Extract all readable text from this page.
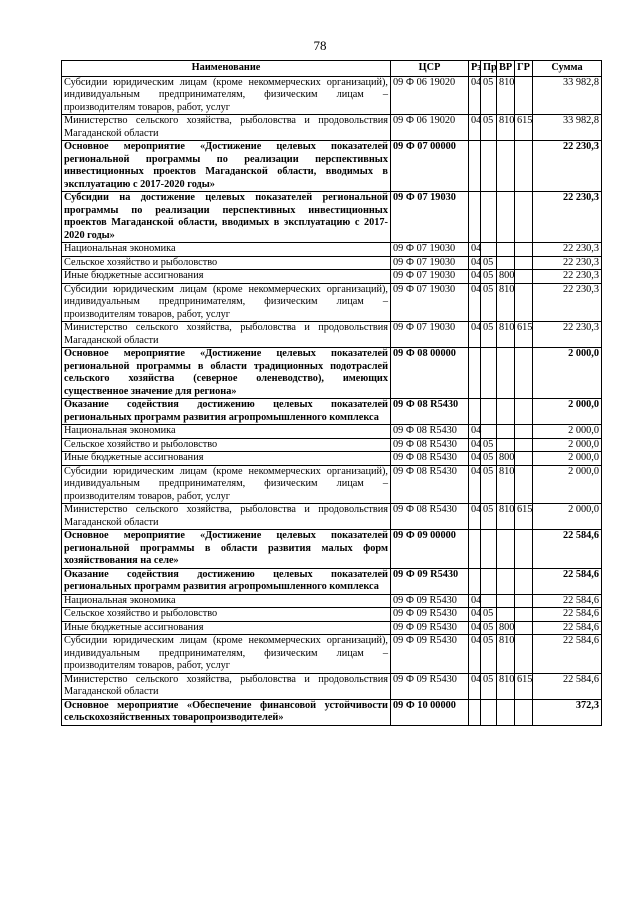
78
Наименование	ЦСР	Рз	Пр	ВР	ГР	Сумма
Субсидии юридическим лицам (кроме некоммерческих организаций), индивидуальным предпринимателям, физическим лицам – производителям товаров, работ, услуг	09 Ф 06 19020	04	05	810		33 982,8
Министерство сельского хозяйства, рыболовства и продовольствия Магаданской области	09 Ф 06 19020	04	05	810	615	33 982,8
Основное мероприятие «Достижение целевых показателей региональной программы по реализации перспективных инвестиционных проектов Магаданской области, вводимых в эксплуатацию с 2017-2020 годы»	09 Ф 07 00000					22 230,3
Субсидии на достижение целевых показателей региональной программы по реализации перспективных инвестиционных проектов Магаданской области, вводимых в эксплуатацию с 2017-2020 годы»	09 Ф 07 19030					22 230,3
Национальная экономика	09 Ф 07 19030	04				22 230,3
Сельское хозяйство и рыболовство	09 Ф 07 19030	04	05			22 230,3
Иные бюджетные ассигнования	09 Ф 07 19030	04	05	800		22 230,3
Субсидии юридическим лицам (кроме некоммерческих организаций), индивидуальным предпринимателям, физическим лицам – производителям товаров, работ, услуг	09 Ф 07 19030	04	05	810		22 230,3
Министерство сельского хозяйства, рыболовства и продовольствия Магаданской области	09 Ф 07 19030	04	05	810	615	22 230,3
Основное мероприятие «Достижение целевых показателей региональной программы в области традиционных подотраслей сельского хозяйства (северное оленеводство), имеющих существенное значение для региона»	09 Ф 08 00000					2 000,0
Оказание содействия достижению целевых показателей региональных программ развития агропромышленного комплекса	09 Ф 08 R5430					2 000,0
Национальная экономика	09 Ф 08 R5430	04				2 000,0
Сельское хозяйство и рыболовство	09 Ф 08 R5430	04	05			2 000,0
Иные бюджетные ассигнования	09 Ф 08 R5430	04	05	800		2 000,0
Субсидии юридическим лицам (кроме некоммерческих организаций), индивидуальным предпринимателям, физическим лицам – производителям товаров, работ, услуг	09 Ф 08 R5430	04	05	810		2 000,0
Министерство сельского хозяйства, рыболовства и продовольствия Магаданской области	09 Ф 08 R5430	04	05	810	615	2 000,0
Основное мероприятие «Достижение целевых показателей региональной программы в области развития малых форм хозяйствования на селе»	09 Ф 09 00000					22 584,6
Оказание содействия достижению целевых показателей региональных программ развития агропромышленного комплекса	09 Ф 09 R5430					22 584,6
Национальная экономика	09 Ф 09 R5430	04				22 584,6
Сельское хозяйство и рыболовство	09 Ф 09 R5430	04	05			22 584,6
Иные бюджетные ассигнования	09 Ф 09 R5430	04	05	800		22 584,6
Субсидии юридическим лицам (кроме некоммерческих организаций), индивидуальным предпринимателям, физическим лицам – производителям товаров, работ, услуг	09 Ф 09 R5430	04	05	810		22 584,6
Министерство сельского хозяйства, рыболовства и продовольствия Магаданской области	09 Ф 09 R5430	04	05	810	615	22 584,6
Основное мероприятие «Обеспечение финансовой устойчивости сельскохозяйственных товаропроизводителей»	09 Ф 10 00000					372,3
